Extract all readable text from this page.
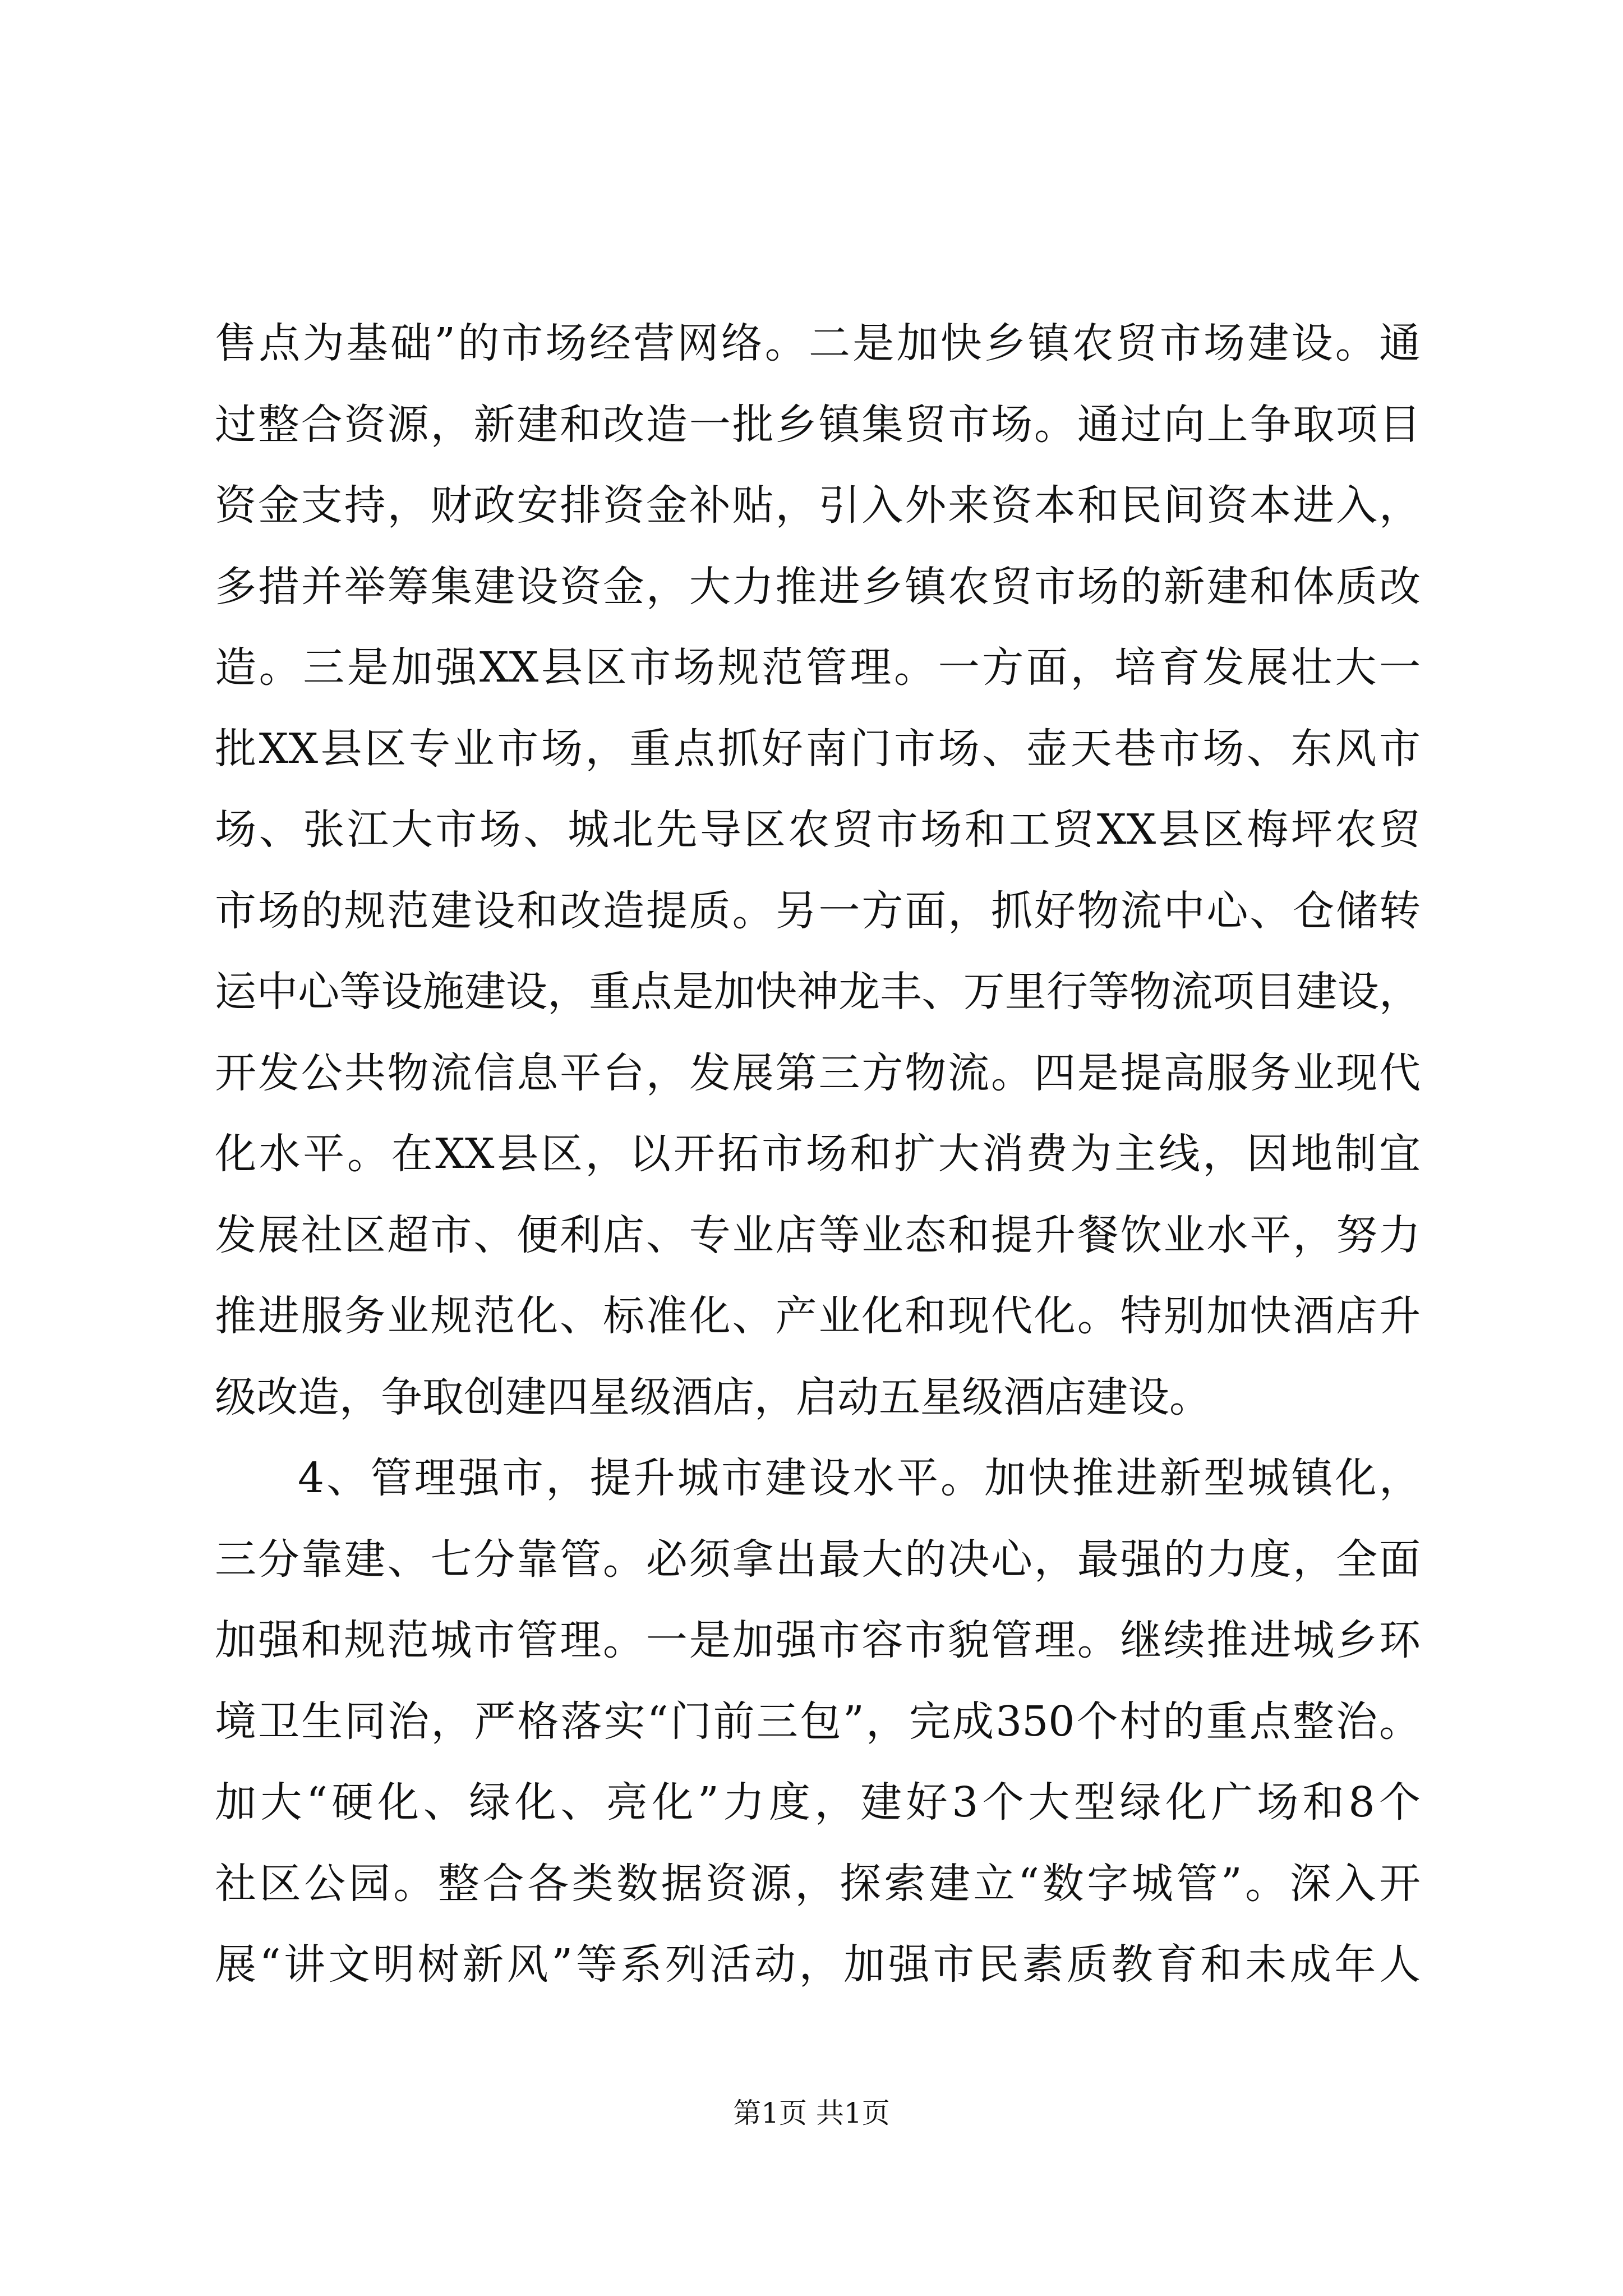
售点为基础”的市场经营网络。二是加快乡镇农贸市场建设。通
过整合资源，新建和改造一批乡镇集贸市场。通过向上争取项目
资金支持，财政安排资金补贴，引入外来资本和民间资本进入，
多措并举筹集建设资金，大力推进乡镇农贸市场的新建和体质改
造。三是加强XX县区市场规范管理。一方面，培育发展壮大一
批XX县区专业市场，重点抓好南门市场、壶天巷市场、东风市
场、张江大市场、城北先导区农贸市场和工贸XX县区梅坪农贸
市场的规范建设和改造提质。另一方面，抓好物流中心、仓储转
运中心等设施建设，重点是加快神龙丰、万里行等物流项目建设，
开发公共物流信息平台，发展第三方物流。四是提高服务业现代
化水平。在XX县区，以开拓市场和扩大消费为主线，因地制宜
发展社区超市、便利店、专业店等业态和提升餐饮业水平，努力
推进服务业规范化、标准化、产业化和现代化。特别加快酒店升
级改造，争取创建四星级酒店，启动五星级酒店建设。
4、管理强市，提升城市建设水平。加快推进新型城镇化，
三分靠建、七分靠管。必须拿出最大的决心，最强的力度，全面
加强和规范城市管理。一是加强市容市貌管理。继续推进城乡环
境卫生同治，严格落实“门前三包”，完成350个村的重点整治。
加大“硬化、绿化、亮化”力度，建好3个大型绿化广场和8个
社区公园。整合各类数据资源，探索建立“数字城管”。深入开
展“讲文明树新风”等系列活动，加强市民素质教育和未成年人
第1页 共1页
